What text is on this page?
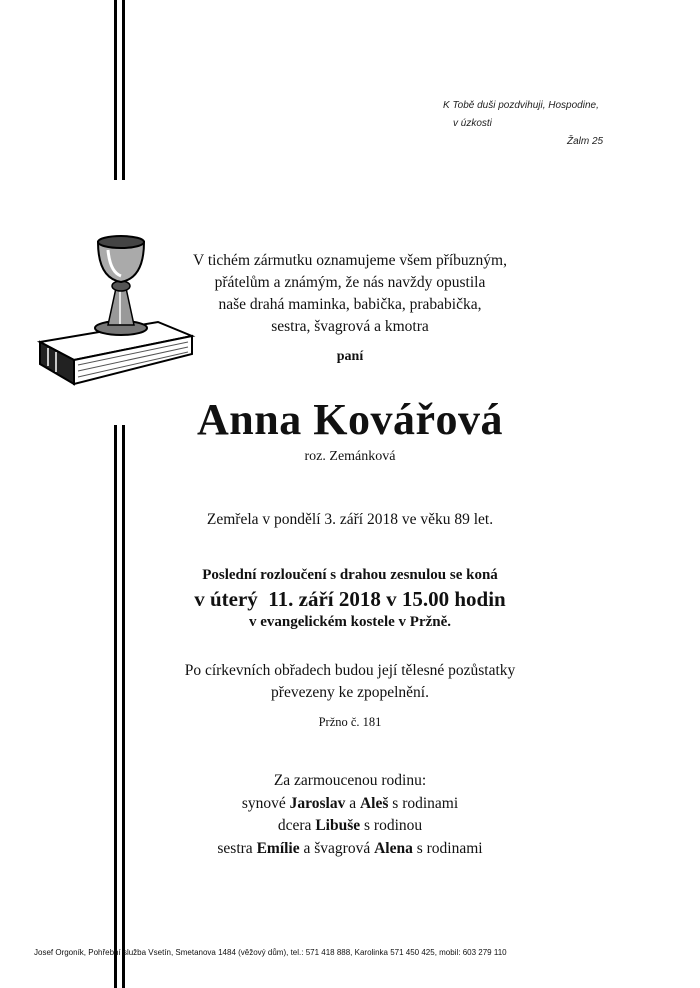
K Tobě duši pozdvihuji, Hospodine,
v úzkosti
Žalm 25
V tichém zármutku oznamujeme všem příbuzným,
přátelům a známým, že nás navždy opustila
naše drahá maminka, babička, prababička,
sestra, švagrová a kmotra
paní
Anna Kovářová
roz. Zemánková
Zemřela v pondělí 3. září 2018 ve věku 89 let.
Poslední rozloučení s drahou zesnulou se koná
v úterý  11. září 2018 v 15.00 hodin
v evangelickém kostele v Pržně.
Po církevních obřadech budou její tělesné pozůstatky
převezeny ke zpopelnění.
Pržno č. 181
Za zarmoucenou rodinu:
synové Jaroslav a Aleš s rodinami
dcera Libuše s rodinou
sestra Emílie a švagrová Alena s rodinami
Josef Orgoník, Pohřební služba Vsetín, Smetanova 1484 (věžový dům), tel.: 571 418 888, Karolinka 571 450 425, mobil: 603 279 110
